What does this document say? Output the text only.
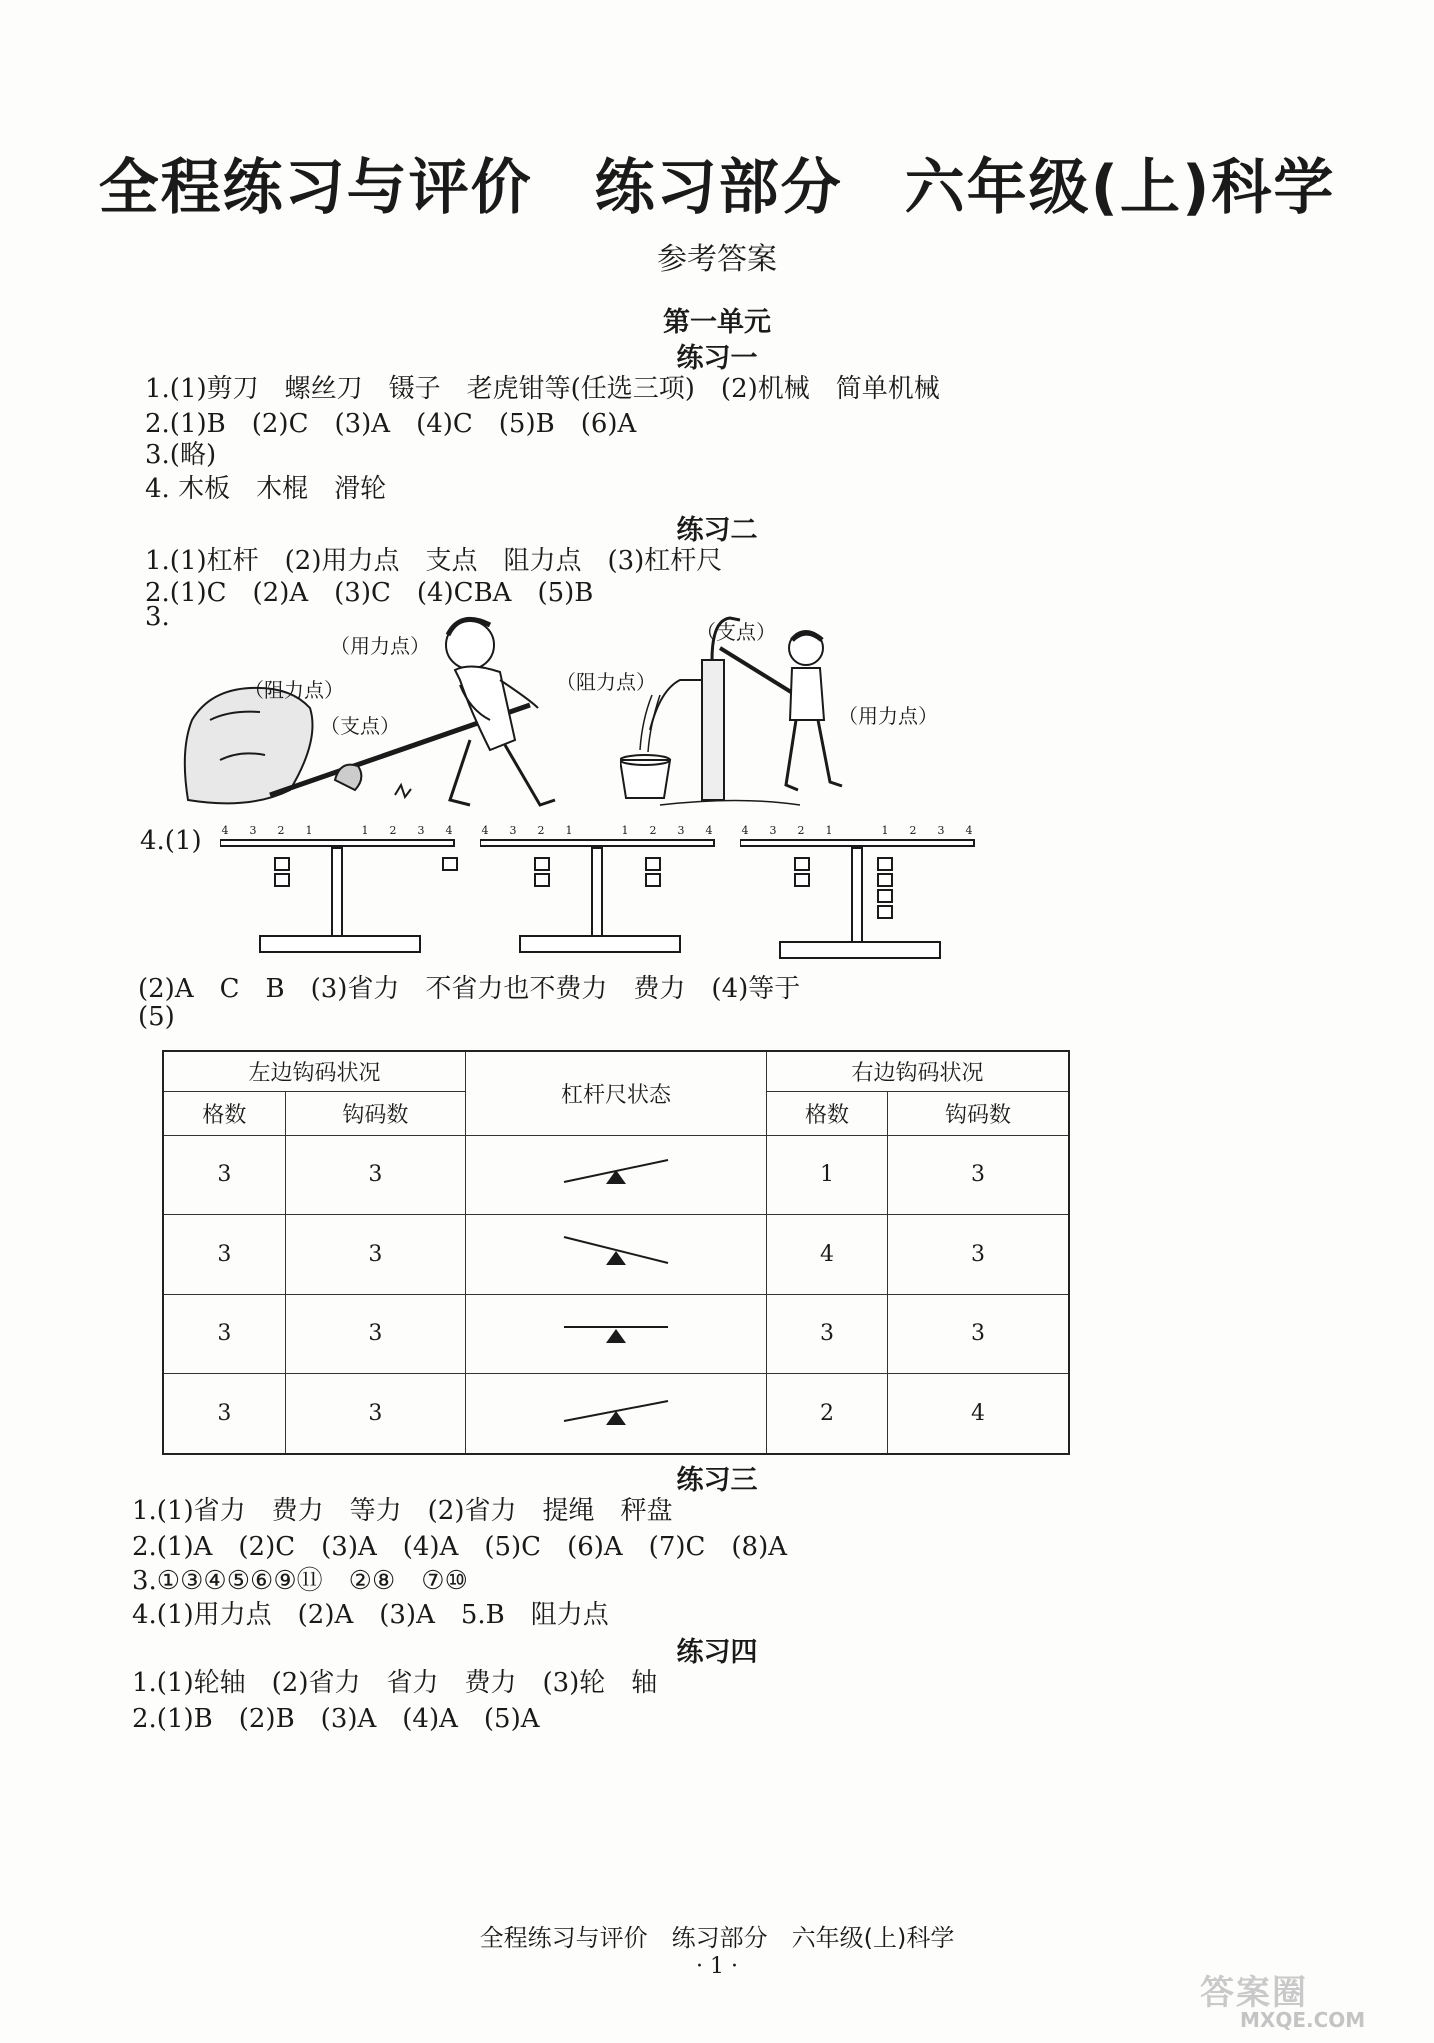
全程练习与评价　练习部分　六年级(上)科学
参考答案
第一单元
练习一
1.(1)剪刀　螺丝刀　镊子　老虎钳等(任选三项)　(2)机械　简单机械
2.(1)B　(2)C　(3)A　(4)C　(5)B　(6)A
3.(略)
4. 木板　木棍　滑轮
练习二
1.(1)杠杆　(2)用力点　支点　阻力点　(3)杠杆尺
2.(1)C　(2)A　(3)C　(4)CBA　(5)B
3.
（用力点）
（阻力点）
（支点）
（支点）
（阻力点）
（用力点）
4.(1) 4 3 2 1	1 2 3 4	4 3 2 1	1 2 3 4	4 3 2 1	1 2 3 4
(2)A　C　B　(3)省力　不省力也不费力　费力　(4)等于
(5)
左边钩码状况		杠杆尺状态	右边钩码状况	
格数	钩码数		格数	钩码数
3	3		1	3
3	3		4	3
3	3		3	3
3	3		2	4
练习三
1.(1)省力　费力　等力　(2)省力　提绳　秤盘
2.(1)A　(2)C　(3)A　(4)A　(5)C　(6)A　(7)C　(8)A
3.①③④⑤⑥⑨⑪　②⑧　⑦⑩
4.(1)用力点　(2)A　(3)A　5.B　阻力点
练习四
1.(1)轮轴　(2)省力　省力　费力　(3)轮　轴
2.(1)B　(2)B　(3)A　(4)A　(5)A
全程练习与评价　练习部分　六年级(上)科学
· 1 ·
答案圈
MXQE.COM
